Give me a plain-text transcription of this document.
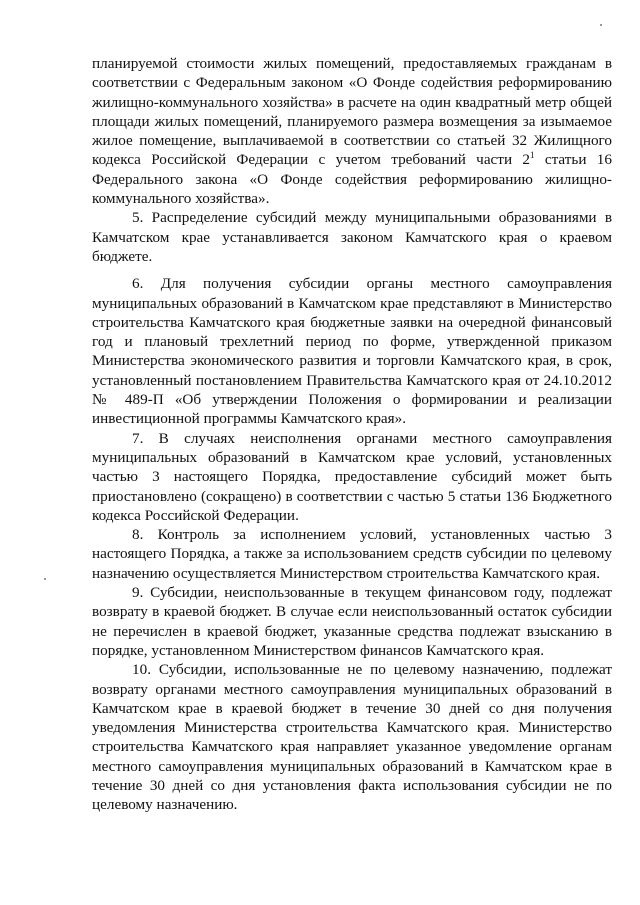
планируемой стоимости жилых помещений, предоставляемых гражданам в соответствии с Федеральным законом «О Фонде содействия реформированию жилищно-коммунального хозяйства» в расчете на один квадратный метр общей площади жилых помещений, планируемого размера возмещения за изымаемое жилое помещение, выплачиваемой в соответствии со статьей 32 Жилищного кодекса Российской Федерации с учетом требований части $2^1$ статьи 16 Федерального закона «О Фонде содействия реформированию жилищно-коммунального хозяйства».

5. Распределение субсидий между муниципальными образованиями в Камчатском крае устанавливается законом Камчатского края о краевом бюджете.

6. Для получения субсидии органы местного самоуправления муниципальных образований в Камчатском крае представляют в Министерство строительства Камчатского края бюджетные заявки на очередной финансовый год и плановый трехлетний период по форме, утвержденной приказом Министерства экономического развития и торговли Камчатского края, в срок, установленный постановлением Правительства Камчатского края от 24.10.2012 № 489-П «Об утверждении Положения о формировании и реализации инвестиционной программы Камчатского края».

7. В случаях неисполнения органами местного самоуправления муниципальных образований в Камчатском крае условий, установленных частью 3 настоящего Порядка, предоставление субсидий может быть приостановлено (сокращено) в соответствии с частью 5 статьи 136 Бюджетного кодекса Российской Федерации.

8. Контроль за исполнением условий, установленных частью 3 настоящего Порядка, а также за использованием средств субсидии по целевому назначению осуществляется Министерством строительства Камчатского края.

9. Субсидии, неиспользованные в текущем финансовом году, подлежат возврату в краевой бюджет. В случае если неиспользованный остаток субсидии не перечислен в краевой бюджет, указанные средства подлежат взысканию в порядке, установленном Министерством финансов Камчатского края.

10. Субсидии, использованные не по целевому назначению, подлежат возврату органами местного самоуправления муниципальных образований в Камчатском крае в краевой бюджет в течение 30 дней со дня получения уведомления Министерства строительства Камчатского края. Министерство строительства Камчатского края направляет указанное уведомление органам местного самоуправления муниципальных образований в Камчатском крае в течение 30 дней со дня установления факта использования субсидии не по целевому назначению.
